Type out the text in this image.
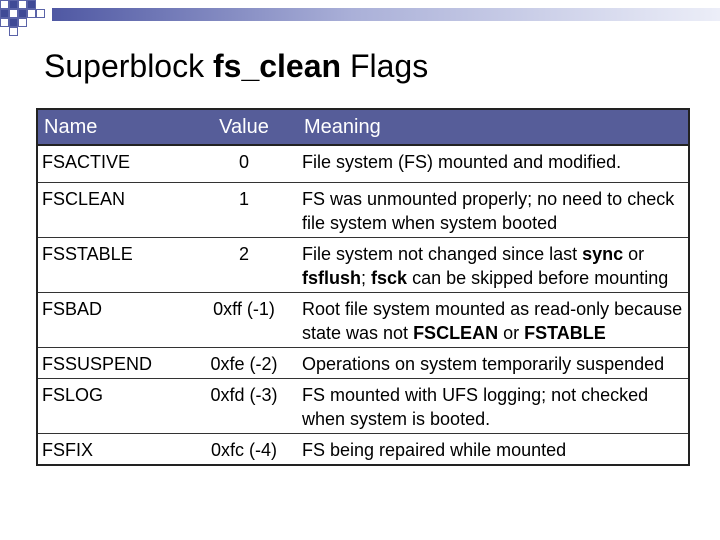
Superblock fs_clean Flags
Name	Value	Meaning
FSACTIVE	0	File system (FS) mounted and modified.
FSCLEAN	1	FS was unmounted properly; no need to check file system when system booted
FSSTABLE	2	File system not changed since last sync or fsflush; fsck can be skipped before mounting
FSBAD	0xff (-1)	Root file system mounted as read-only because state was not FSCLEAN or FSTABLE
FSSUSPEND	0xfe (-2)	Operations on system temporarily suspended
FSLOG	0xfd (-3)	FS mounted with UFS logging; not checked when system is booted.
FSFIX	0xfc (-4)	FS being repaired while mounted
